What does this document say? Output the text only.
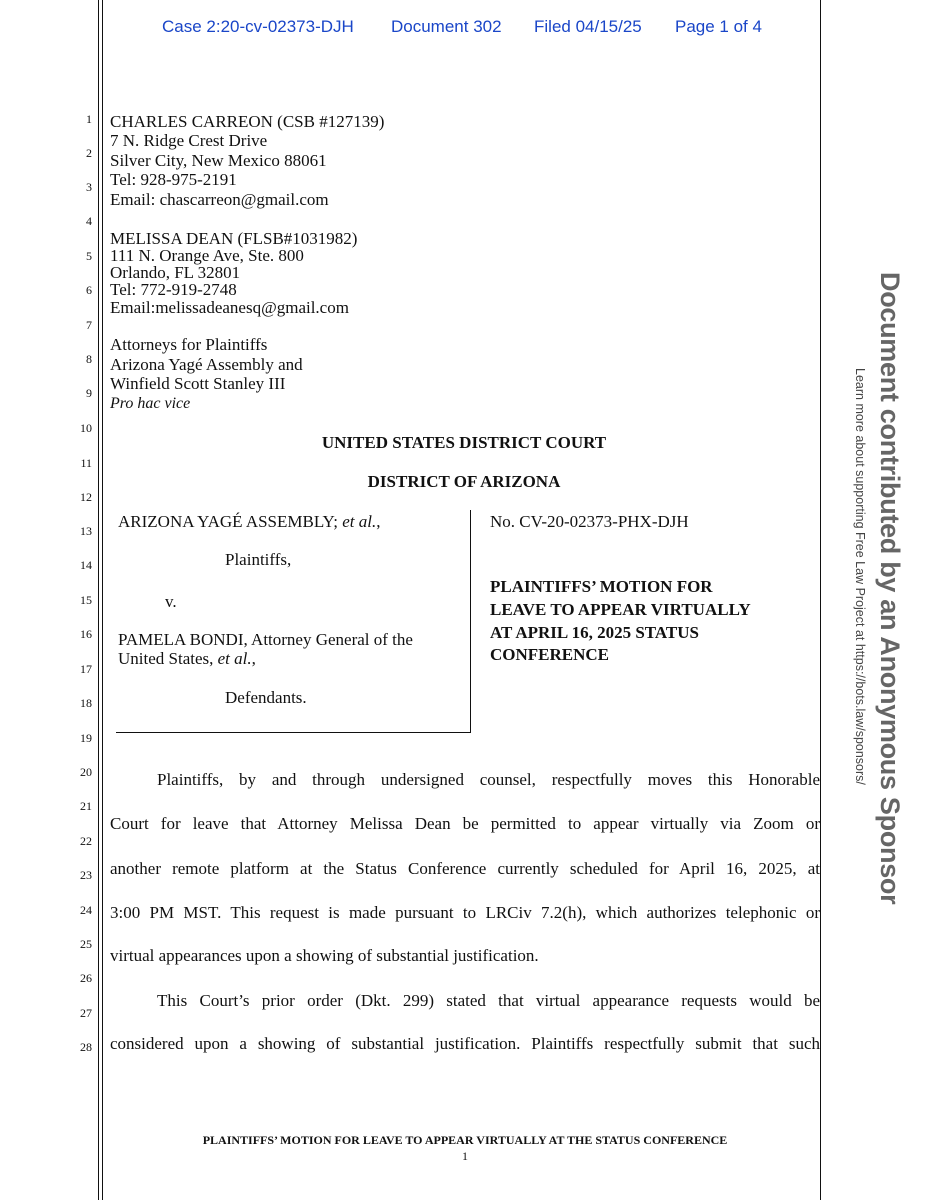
Case 2:20-cv-02373-DJH Document 302 Filed 04/15/25 Page 1 of 4
1
2
3
4
5
6
7
8
9
10
11
12
13
14
15
16
17
18
19
20
21
22
23
24
25
26
27
28
CHARLES CARREON (CSB #127139)
7 N. Ridge Crest Drive
Silver City, New Mexico 88061
Tel: 928-975-2191
Email: chascarreon@gmail.com
MELISSA DEAN (FLSB#1031982)
111 N. Orange Ave, Ste. 800
Orlando, FL 32801
Tel: 772-919-2748
Email:melissadeanesq@gmail.com
Attorneys for Plaintiffs
Arizona Yagé Assembly and
Winfield Scott Stanley III
Pro hac vice
UNITED STATES DISTRICT COURT
DISTRICT OF ARIZONA
ARIZONA YAGÉ ASSEMBLY; et al.,
Plaintiffs,
v.
PAMELA BONDI, Attorney General of the
United States, et al.,
Defendants.
No. CV-20-02373-PHX-DJH
PLAINTIFFS’ MOTION FOR
LEAVE TO APPEAR VIRTUALLY
AT APRIL 16, 2025 STATUS
CONFERENCE
Plaintiffs, by and through undersigned counsel, respectfully moves this Honorable
Court for leave that Attorney Melissa Dean be permitted to appear virtually via Zoom or
another remote platform at the Status Conference currently scheduled for April 16, 2025, at
3:00 PM MST. This request is made pursuant to LRCiv 7.2(h), which authorizes telephonic or
virtual appearances upon a showing of substantial justification.
This Court’s prior order (Dkt. 299) stated that virtual appearance requests would be
considered upon a showing of substantial justification. Plaintiffs respectfully submit that such
PLAINTIFFS’ MOTION FOR LEAVE TO APPEAR VIRTUALLY AT THE STATUS CONFERENCE
1
Document contributed by an Anonymous Sponsor
Learn more about supporting Free Law Project at https://bots.law/sponsors/
